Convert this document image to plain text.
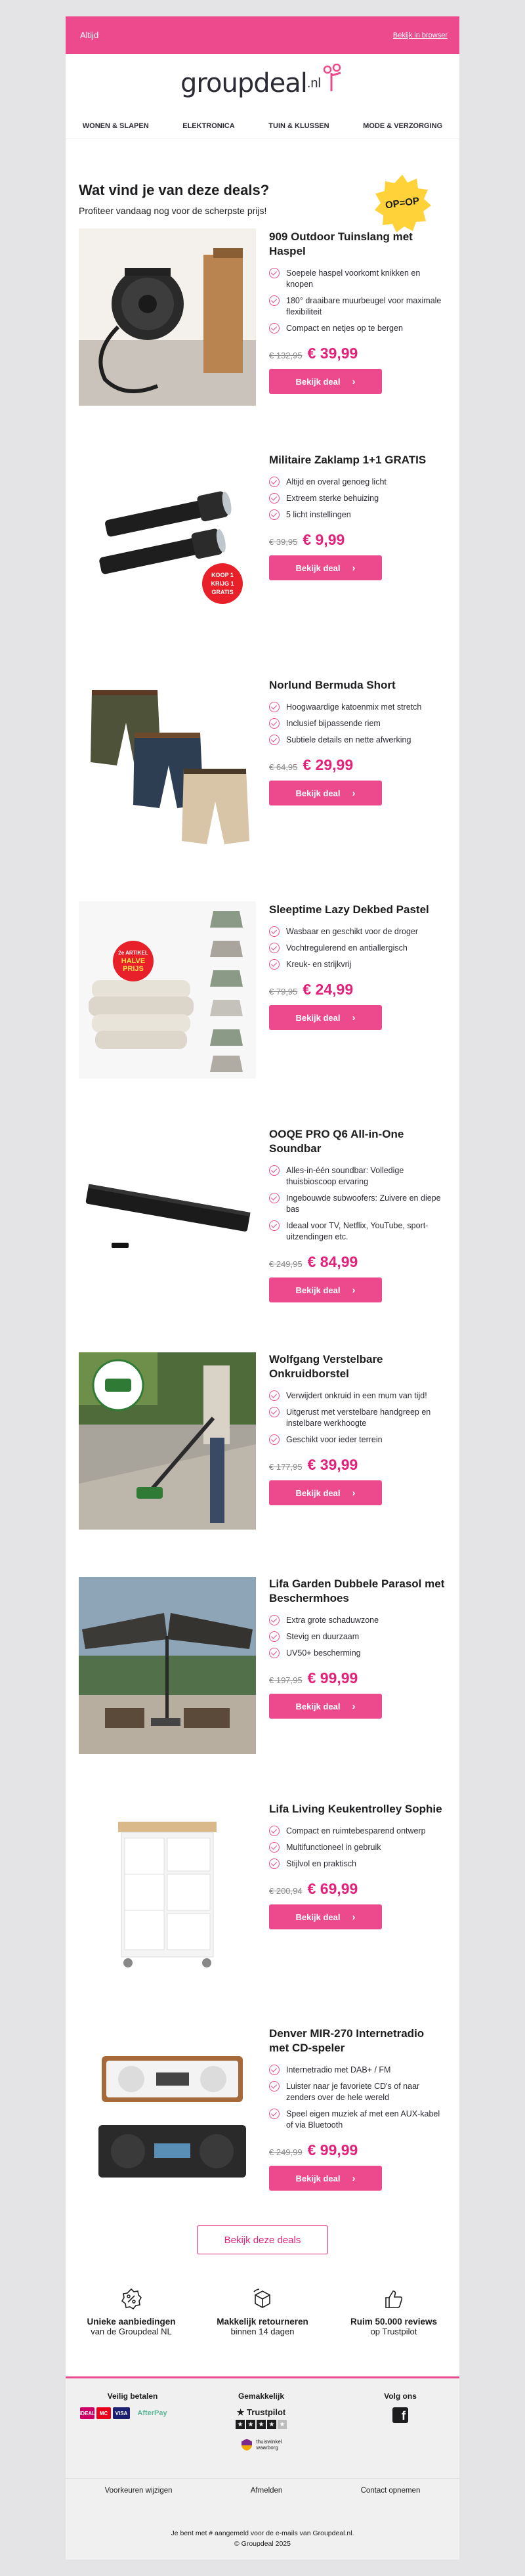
Altijd	Bekijk in browser
groupdeal .nl
WONEN & SLAPEN	ELEKTRONICA	TUIN & KLUSSEN	MODE & VERZORGING
Wat vind je van deze deals?

Profiteer vandaag nog voor de scherpste prijs!	OP=OP
909 Outdoor Tuinslang met Haspel
Soepele haspel voorkomt knikken en knopen
180° draaibare muurbeugel voor maximale flexibiliteit
Compact en netjes op te bergen
€ 132,95 € 39,99
Bekijk deal ›
KOOP 1
KRIJG 1
GRATIS
Militaire Zaklamp 1+1 GRATIS
Altijd en overal genoeg licht
Extreem sterke behuizing
5 licht instellingen
€ 39,95 € 9,99
Bekijk deal ›
Norlund Bermuda Short
Hoogwaardige katoenmix met stretch
Inclusief bijpassende riem
Subtiele details en nette afwerking
€ 64,95 € 29,99
Bekijk deal ›
2e ARTIKEL
HALVE
PRIJS
Sleeptime Lazy Dekbed Pastel
Wasbaar en geschikt voor de droger
Vochtregulerend en antiallergisch
Kreuk- en strijkvrij
€ 79,95 € 24,99
Bekijk deal ›
OOQE PRO Q6 All-in-One Soundbar
Alles-in-één soundbar: Volledige thuisbioscoop ervaring
Ingebouwde subwoofers: Zuivere en diepe bas
Ideaal voor TV, Netflix, YouTube, sport-uitzendingen etc.
€ 249,95 € 84,99
Bekijk deal ›
Wolfgang Verstelbare Onkruidborstel
Verwijdert onkruid in een mum van tijd!
Uitgerust met verstelbare handgreep en instelbare werkhoogte
Geschikt voor ieder terrein
€ 177,95 € 39,99
Bekijk deal ›
Lifa Garden Dubbele Parasol met Beschermhoes
Extra grote schaduwzone
Stevig en duurzaam
UV50+ bescherming
€ 197,95 € 99,99
Bekijk deal ›
Lifa Living Keukentrolley Sophie
Compact en ruimtebesparend ontwerp
Multifunctioneel in gebruik
Stijlvol en praktisch
€ 200,94 € 69,99
Bekijk deal ›
Denver MIR-270 Internetradio met CD-speler
Internetradio met DAB+ / FM
Luister naar je favoriete CD's of naar zenders over de hele wereld
Speel eigen muziek af met een AUX-kabel of via Bluetooth
€ 249,99 € 99,99
Bekijk deal ›
Bekijk deze deals
Unieke aanbiedingen
van de Groupdeal NL
Makkelijk retourneren
binnen 14 dagen
Ruim 50.000 reviews
op Trustpilot
Veilig betalen
iDEAL MC	VISA	AfterPay
Gemakkelijk
★ Trustpilot
★ ★ ★ ★ ★
thuiswinkel
waarborg
Volg ons
f
Voorkeuren wijzigen	Afmelden	Contact opnemen
Je bent met # aangemeld voor de e-mails van Groupdeal.nl.
© Groupdeal 2025
